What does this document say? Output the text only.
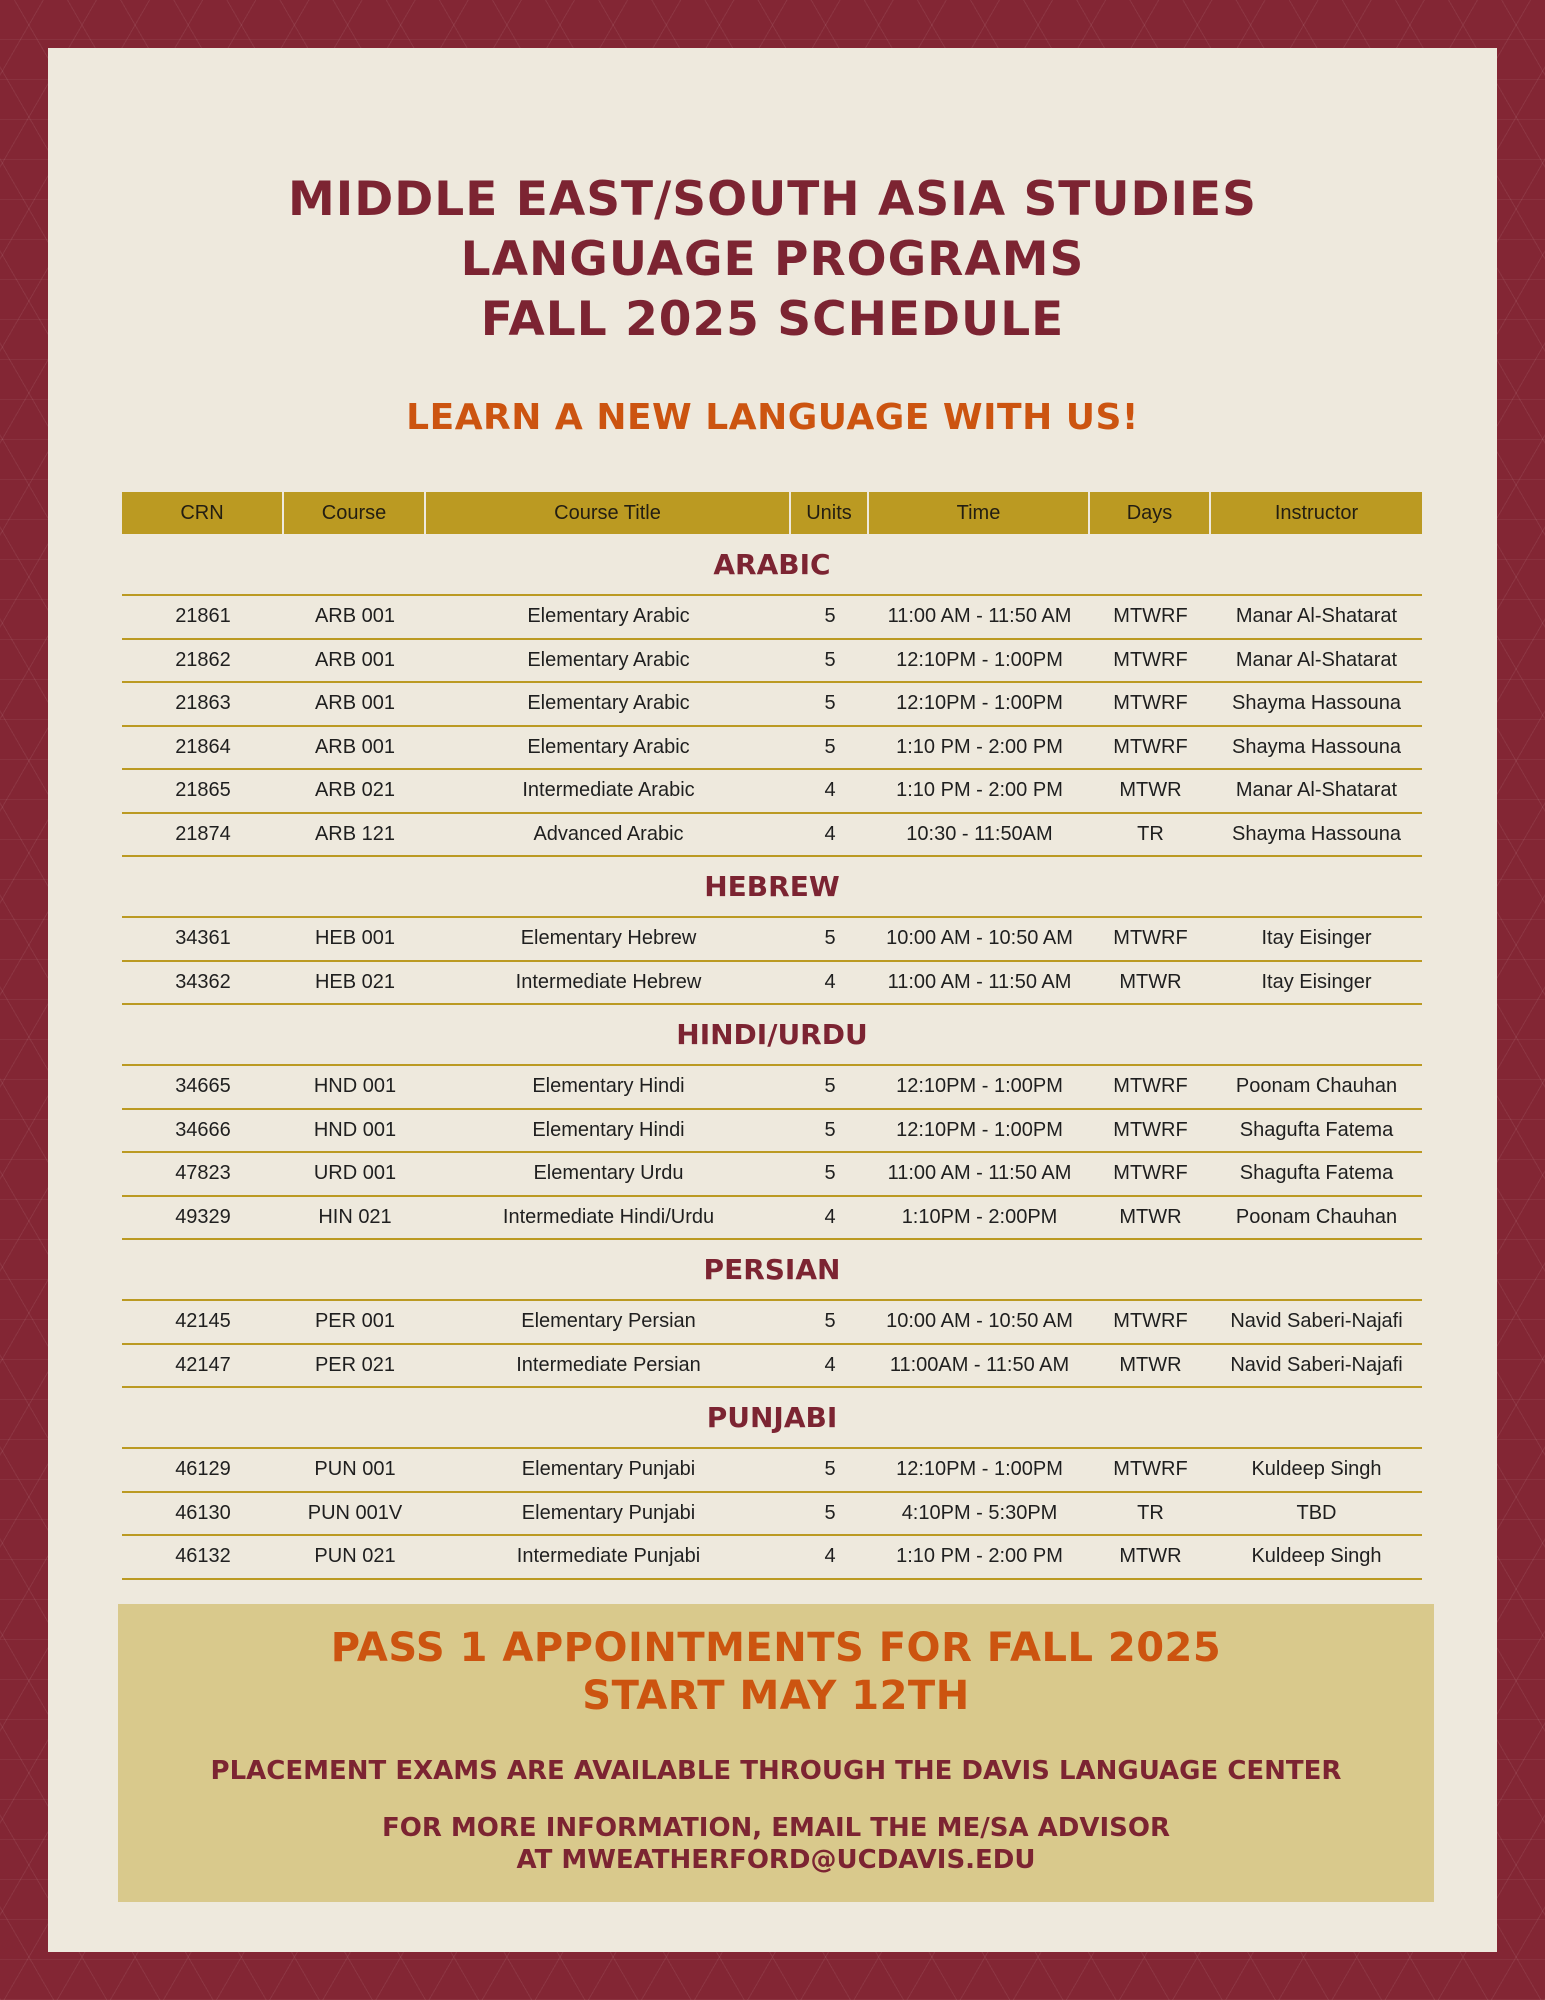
MIDDLE EAST/SOUTH ASIA STUDIES
LANGUAGE PROGRAMS
FALL 2025 SCHEDULE
LEARN A NEW LANGUAGE WITH US!
CRN	Course	Course Title	Units	Time	Days	Instructor
ARABIC
21861	ARB 001	Elementary Arabic	5	11:00 AM - 11:50 AM	MTWRF	Manar Al-Shatarat
21862	ARB 001	Elementary Arabic	5	12:10PM - 1:00PM	MTWRF	Manar Al-Shatarat
21863	ARB 001	Elementary Arabic	5	12:10PM - 1:00PM	MTWRF	Shayma Hassouna
21864	ARB 001	Elementary Arabic	5	1:10 PM - 2:00 PM	MTWRF	Shayma Hassouna
21865	ARB 021	Intermediate Arabic	4	1:10 PM - 2:00 PM	MTWR	Manar Al-Shatarat
21874	ARB 121	Advanced Arabic	4	10:30 - 11:50AM	TR	Shayma Hassouna
HEBREW
34361	HEB 001	Elementary Hebrew	5	10:00 AM - 10:50 AM	MTWRF	Itay Eisinger
34362	HEB 021	Intermediate Hebrew	4	11:00 AM - 11:50 AM	MTWR	Itay Eisinger
HINDI/URDU
34665	HND 001	Elementary Hindi	5	12:10PM - 1:00PM	MTWRF	Poonam Chauhan
34666	HND 001	Elementary Hindi	5	12:10PM - 1:00PM	MTWRF	Shagufta Fatema
47823	URD 001	Elementary Urdu	5	11:00 AM - 11:50 AM	MTWRF	Shagufta Fatema
49329	HIN 021	Intermediate Hindi/Urdu	4	1:10PM - 2:00PM	MTWR	Poonam Chauhan
PERSIAN
42145	PER 001	Elementary Persian	5	10:00 AM - 10:50 AM	MTWRF	Navid Saberi-Najafi
42147	PER 021	Intermediate Persian	4	11:00AM - 11:50 AM	MTWR	Navid Saberi-Najafi
PUNJABI
46129	PUN 001	Elementary Punjabi	5	12:10PM - 1:00PM	MTWRF	Kuldeep Singh
46130	PUN 001V	Elementary Punjabi	5	4:10PM - 5:30PM	TR	TBD
46132	PUN 021	Intermediate Punjabi	4	1:10 PM - 2:00 PM	MTWR	Kuldeep Singh
PASS 1 APPOINTMENTS FOR FALL 2025
START MAY 12TH
PLACEMENT EXAMS ARE AVAILABLE THROUGH THE DAVIS LANGUAGE CENTER
FOR MORE INFORMATION, EMAIL THE ME/SA ADVISOR
AT MWEATHERFORD@UCDAVIS.EDU
